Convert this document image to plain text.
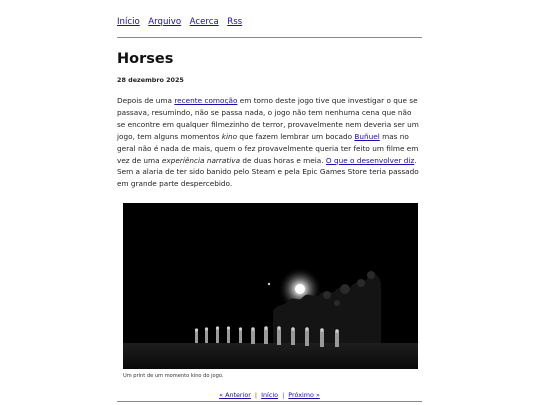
Início Arquivo Acerca Rss
Horses
28 dezembro 2025
Depois de uma recente comoção em torno deste jogo tive que investigar o que se passava, resumindo, não se passa nada, o jogo não tem nenhuma cena que não se encontre em qualquer filmezinho de terror, provavelmente nem deveria ser um jogo, tem alguns momentos kino que fazem lembrar um bocado Buñuel mas no geral não é nada de mais, quem o fez provavelmente queria ter feito um filme em vez de uma experiência narrativa de duas horas e meia. O que o desenvolver diz. Sem a alaria de ter sido banido pelo Steam e pela Epic Games Store teria passado em grande parte despercebido.
Um print de um momento kino do jogo.
« Anterior | Início | Próximo »
